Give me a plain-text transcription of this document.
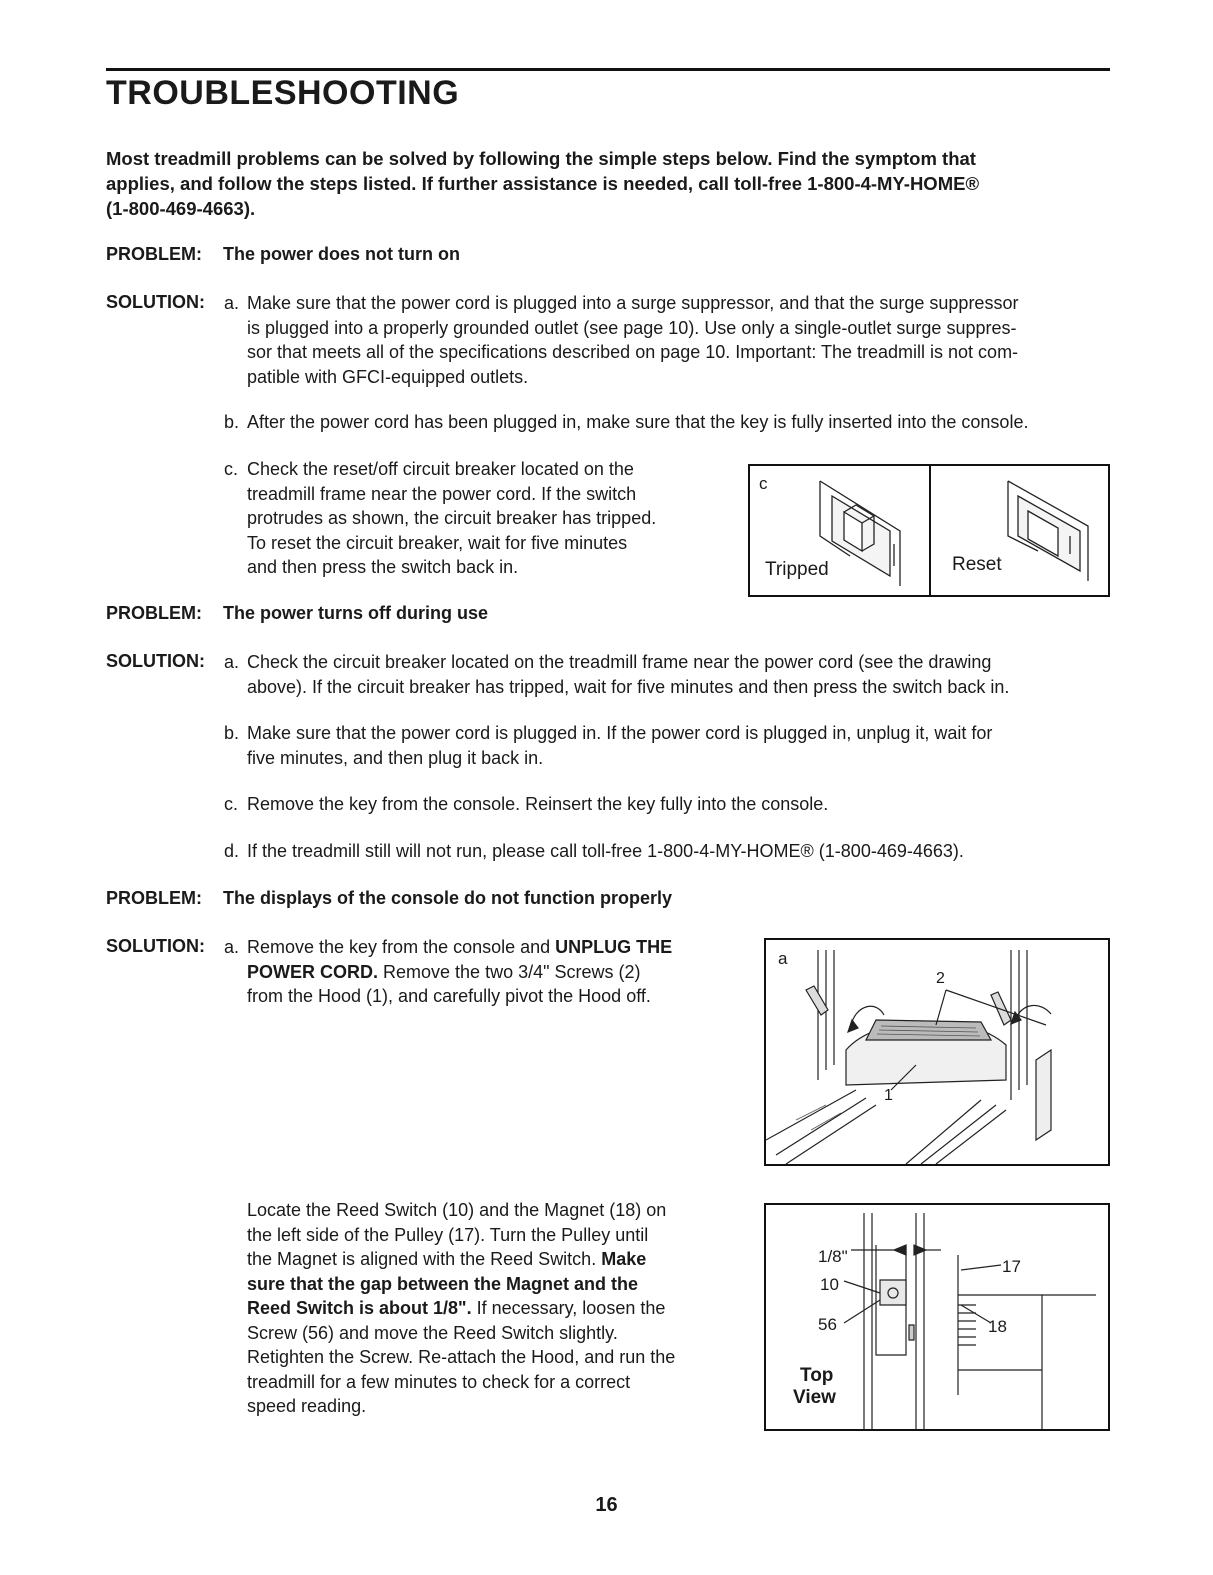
TROUBLESHOOTING
Most treadmill problems can be solved by following the simple steps below. Find the symptom that
applies, and follow the steps listed. If further assistance is needed, call toll-free 1-800-4-MY-HOME®
(1-800-469-4663).
PROBLEM: The power does not turn on
SOLUTION: a. Make sure that the power cord is plugged into a surge suppressor, and that the surge suppressor
is plugged into a properly grounded outlet (see page 10). Use only a single-outlet surge suppres-
sor that meets all of the specifications described on page 10. Important: The treadmill is not com-
patible with GFCI-equipped outlets.
b. After the power cord has been plugged in, make sure that the key is fully inserted into the console.
c. Check the reset/off circuit breaker located on the
treadmill frame near the power cord. If the switch
protrudes as shown, the circuit breaker has tripped.
To reset the circuit breaker, wait for five minutes
and then press the switch back in.
c
Tripped	Reset
PROBLEM: The power turns off during use
SOLUTION: a. Check the circuit breaker located on the treadmill frame near the power cord (see the drawing
above). If the circuit breaker has tripped, wait for five minutes and then press the switch back in.
b. Make sure that the power cord is plugged in. If the power cord is plugged in, unplug it, wait for
five minutes, and then plug it back in.
c. Remove the key from the console. Reinsert the key fully into the console.
d. If the treadmill still will not run, please call toll-free 1-800-4-MY-HOME® (1-800-469-4663).
PROBLEM: The displays of the console do not function properly
SOLUTION: a. Remove the key from the console and UNPLUG THE
POWER CORD. Remove the two 3/4" Screws (2)
from the Hood (1), and carefully pivot the Hood off.
a
1
2
Locate the Reed Switch (10) and the Magnet (18) on
the left side of the Pulley (17). Turn the Pulley until
the Magnet is aligned with the Reed Switch. Make
sure that the gap between the Magnet and the
Reed Switch is about 1/8". If necessary, loosen the
Screw (56) and move the Reed Switch slightly.
Retighten the Screw. Re-attach the Hood, and run the
treadmill for a few minutes to check for a correct
speed reading.
1/8"
10
17
56	18
Top
View
16
